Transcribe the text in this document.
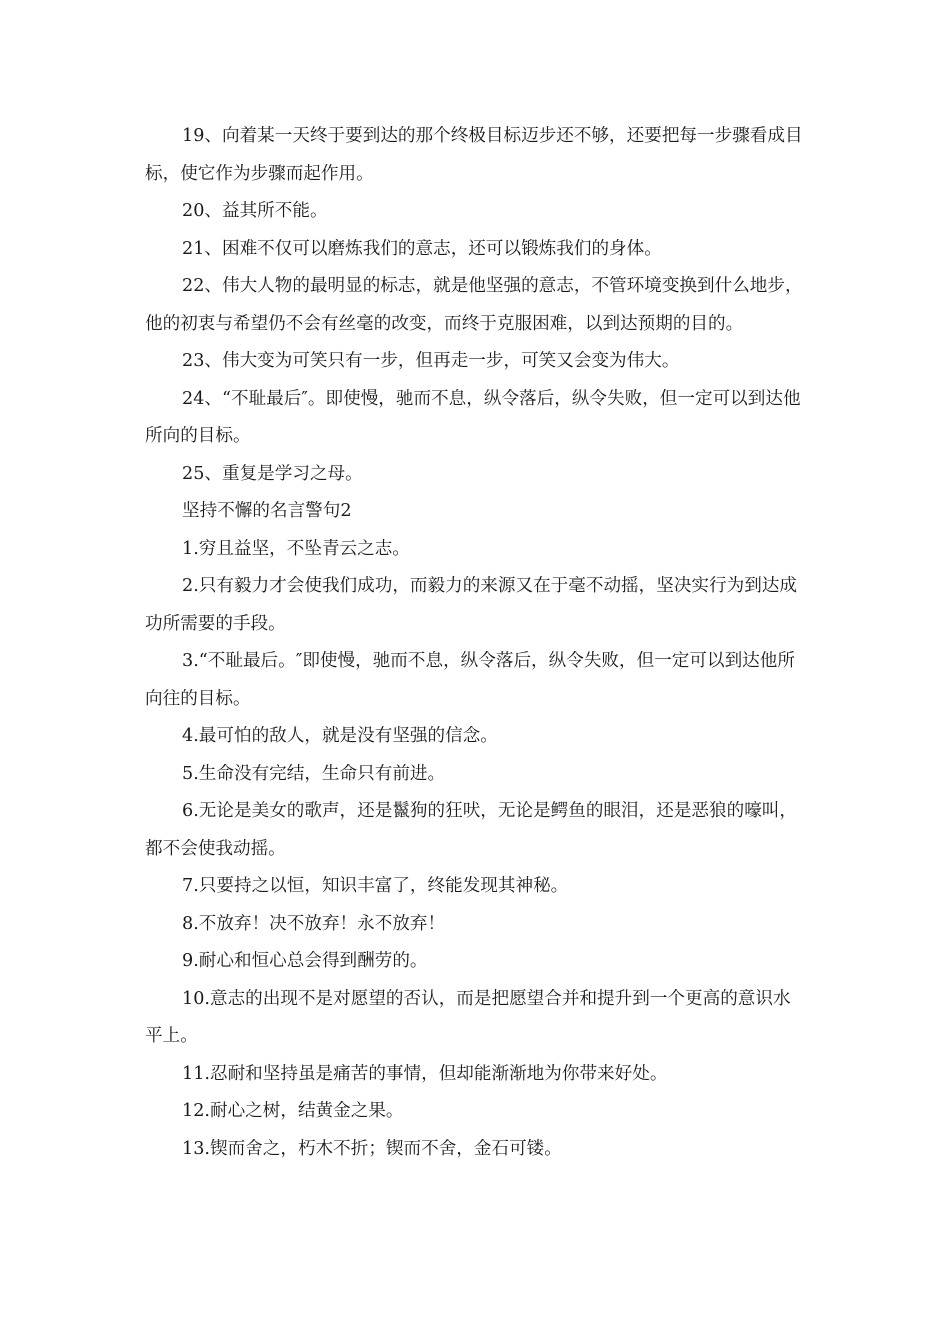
19、向着某一天终于要到达的那个终极目标迈步还不够，还要把每一步骤看成目标，使它作为步骤而起作用。

20、益其所不能。

21、困难不仅可以磨炼我们的意志，还可以锻炼我们的身体。

22、伟大人物的最明显的标志，就是他坚强的意志，不管环境变换到什么地步，他的初衷与希望仍不会有丝毫的改变，而终于克服困难，以到达预期的目的。

23、伟大变为可笑只有一步，但再走一步，可笑又会变为伟大。

24、“不耻最后″。即使慢，驰而不息，纵令落后，纵令失败，但一定可以到达他所向的目标。

25、重复是学习之母。

坚持不懈的名言警句2

1.穷且益坚，不坠青云之志。

2.只有毅力才会使我们成功，而毅力的来源又在于毫不动摇，坚决实行为到达成功所需要的手段。

3.“不耻最后。″即使慢，驰而不息，纵令落后，纵令失败，但一定可以到达他所向往的目标。

4.最可怕的敌人，就是没有坚强的信念。

5.生命没有完结，生命只有前进。

6.无论是美女的歌声，还是鬣狗的狂吠，无论是鳄鱼的眼泪，还是恶狼的嚎叫，都不会使我动摇。

7.只要持之以恒，知识丰富了，终能发现其神秘。

8.不放弃！决不放弃！永不放弃！

9.耐心和恒心总会得到酬劳的。

10.意志的出现不是对愿望的否认，而是把愿望合并和提升到一个更高的意识水平上。

11.忍耐和坚持虽是痛苦的事情，但却能渐渐地为你带来好处。

12.耐心之树，结黄金之果。

13.锲而舍之，朽木不折；锲而不舍，金石可镂。
